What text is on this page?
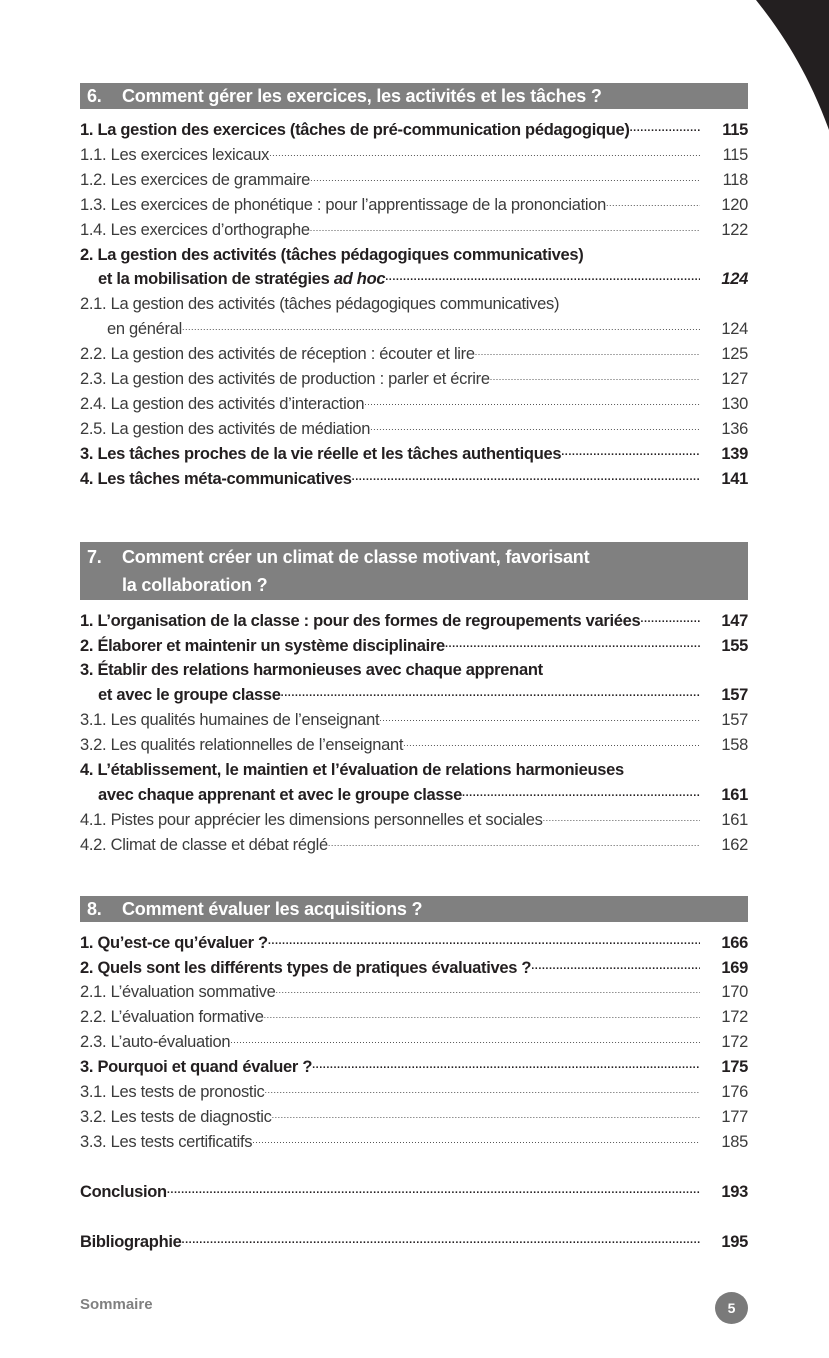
6.	Comment gérer les exercices, les activités et les tâches ?
1. La gestion des exercices (tâches de pré-communication pédagogique) .....	115
1.1. Les exercices lexicaux .....	115
1.2. Les exercices de grammaire .....	118
1.3. Les exercices de phonétique : pour l’apprentissage de la prononciation .....	120
1.4. Les exercices d’orthographe .....	122
2. La gestion des activités (tâches pédagogiques communicatives)
et la mobilisation de stratégies ad hoc .....	124
2.1. La gestion des activités (tâches pédagogiques communicatives)
en général .....	124
2.2. La gestion des activités de réception : écouter et lire .....	125
2.3. La gestion des activités de production : parler et écrire .....	127
2.4. La gestion des activités d’interaction .....	130
2.5. La gestion des activités de médiation .....	136
3. Les tâches proches de la vie réelle et les tâches authentiques .....	139
4. Les tâches méta-communicatives .....	141
7.	Comment créer un climat de classe motivant, favorisant
la collaboration ?
1. L’organisation de la classe : pour des formes de regroupements variées .....	147
2. Élaborer et maintenir un système disciplinaire .....	155
3. Établir des relations harmonieuses avec chaque apprenant
et avec le groupe classe .....	157
3.1. Les qualités humaines de l’enseignant .....	157
3.2. Les qualités relationnelles de l’enseignant .....	158
4. L’établissement, le maintien et l’évaluation de relations harmonieuses
avec chaque apprenant et avec le groupe classe .....	161
4.1. Pistes pour apprécier les dimensions personnelles et sociales .....	161
4.2. Climat de classe et débat réglé .....	162
8.	Comment évaluer les acquisitions ?
1. Qu’est-ce qu’évaluer ? .....	166
2. Quels sont les différents types de pratiques évaluatives ? .....	169
2.1. L’évaluation sommative .....	170
2.2. L’évaluation formative .....	172
2.3. L’auto-évaluation .....	172
3. Pourquoi et quand évaluer ? .....	175
3.1. Les tests de pronostic .....	176
3.2. Les tests de diagnostic .....	177
3.3. Les tests certificatifs .....	185
Conclusion .....	193
Bibliographie .....	195
Sommaire	5
